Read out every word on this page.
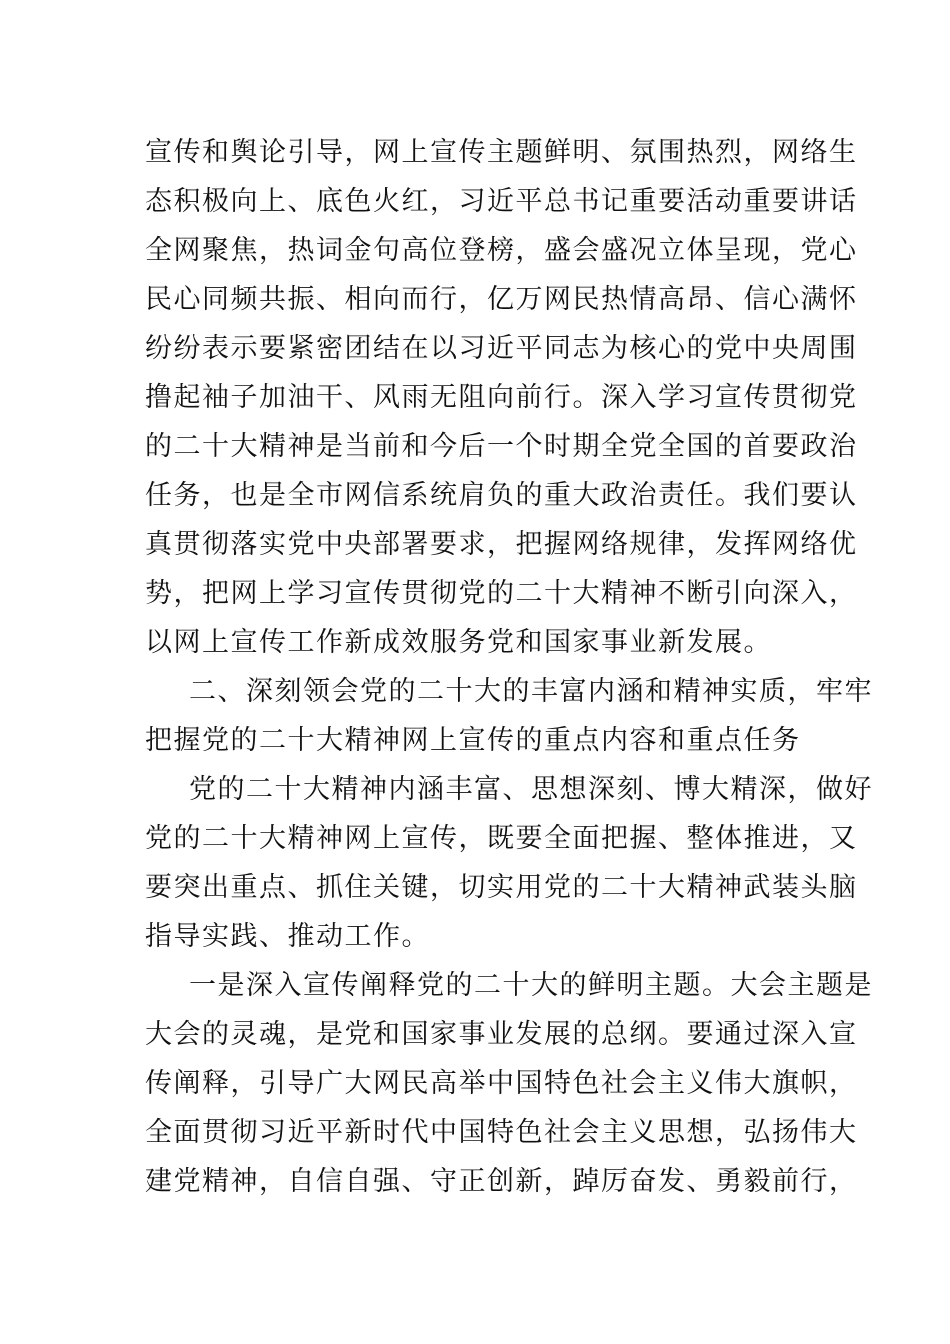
宣传和舆论引导，网上宣传主题鲜明、氛围热烈，网络生
态积极向上、底色火红，习近平总书记重要活动重要讲话
全网聚焦，热词金句高位登榜，盛会盛况立体呈现，党心
民心同频共振、相向而行，亿万网民热情高昂、信心满怀
纷纷表示要紧密团结在以习近平同志为核心的党中央周围
撸起袖子加油干、风雨无阻向前行。深入学习宣传贯彻党
的二十大精神是当前和今后一个时期全党全国的首要政治
任务，也是全市网信系统肩负的重大政治责任。我们要认
真贯彻落实党中央部署要求，把握网络规律，发挥网络优
势，把网上学习宣传贯彻党的二十大精神不断引向深入，
以网上宣传工作新成效服务党和国家事业新发展。
二、深刻领会党的二十大的丰富内涵和精神实质，牢牢
把握党的二十大精神网上宣传的重点内容和重点任务
党的二十大精神内涵丰富、思想深刻、博大精深，做好
党的二十大精神网上宣传，既要全面把握、整体推进，又
要突出重点、抓住关键，切实用党的二十大精神武装头脑
指导实践、推动工作。
一是深入宣传阐释党的二十大的鲜明主题。大会主题是
大会的灵魂，是党和国家事业发展的总纲。要通过深入宣
传阐释，引导广大网民高举中国特色社会主义伟大旗帜，
全面贯彻习近平新时代中国特色社会主义思想，弘扬伟大
建党精神，自信自强、守正创新，踔厉奋发、勇毅前行，
